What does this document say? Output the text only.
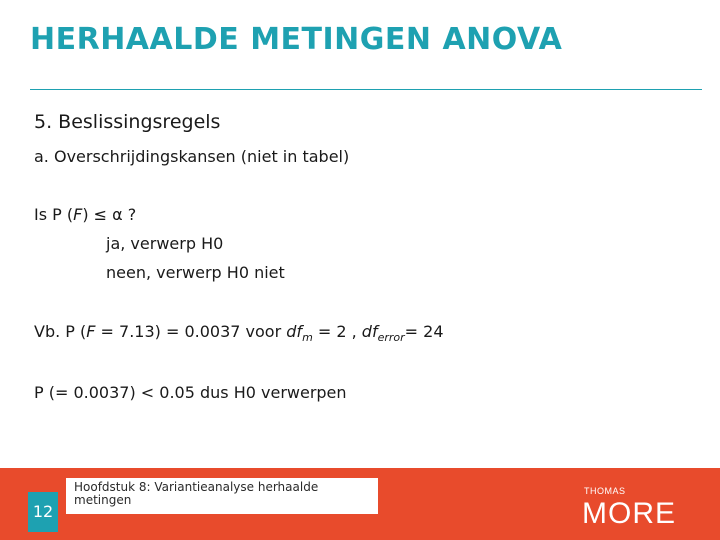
HERHAALDE METINGEN ANOVA
5. Beslissingsregels
a. Overschrijdingskansen (niet in tabel)
Is P (F) ≤ α ?
ja, verwerp H0
neen, verwerp H0 niet
Vb. P (F = 7.13) = 0.0037 voor $df_m = 2$ , $df_{error}= 24$
P (= 0.0037) < 0.05 dus H0 verwerpen
Hoofdstuk 8: Variantieanalyse herhaalde metingen
12
THOMAS
MORE
